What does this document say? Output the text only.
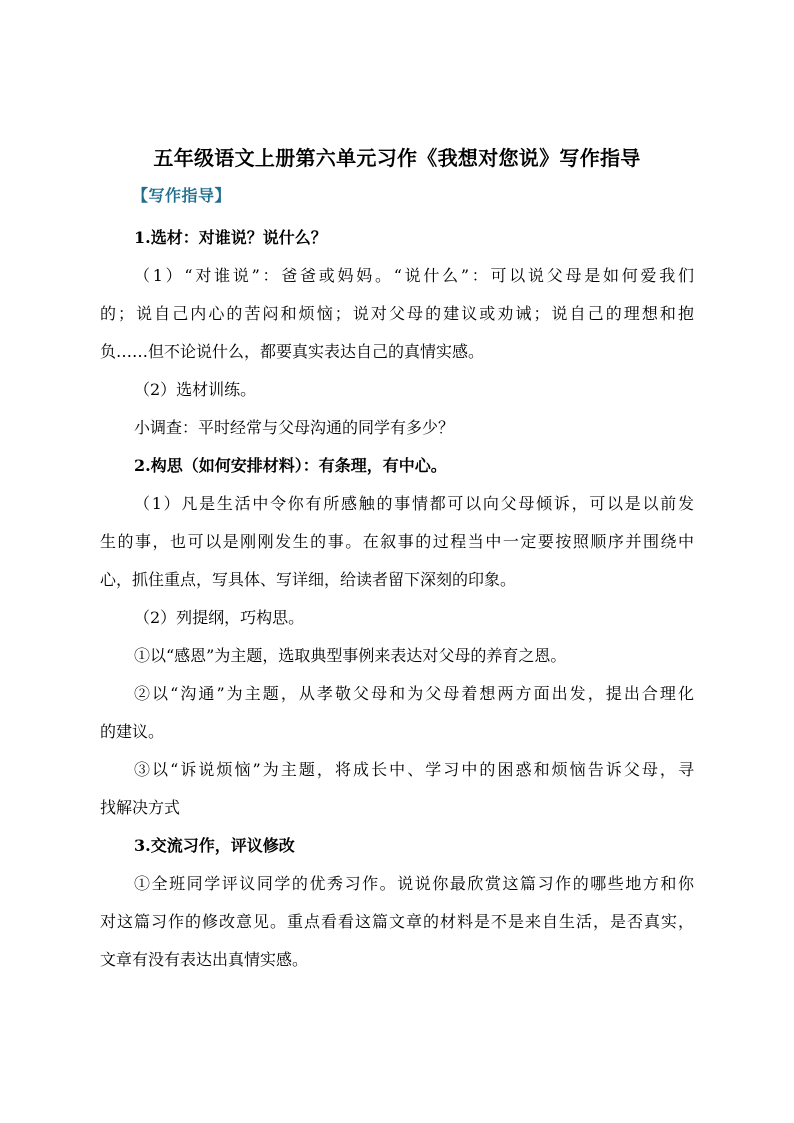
五年级语文上册第六单元习作《我想对您说》写作指导
【写作指导】
1.选材：对谁说？说什么？
（1）“对谁说”：爸爸或妈妈。“说什么”：可以说父母是如何爱我们
的；说自己内心的苦闷和烦恼；说对父母的建议或劝诫；说自己的理想和抱
负……但不论说什么，都要真实表达自己的真情实感。
（2）选材训练。
小调查：平时经常与父母沟通的同学有多少？
2.构思（如何安排材料）：有条理，有中心。
（1）凡是生活中令你有所感触的事情都可以向父母倾诉，可以是以前发
生的事，也可以是刚刚发生的事。在叙事的过程当中一定要按照顺序并围绕中
心，抓住重点，写具体、写详细，给读者留下深刻的印象。
（2）列提纲，巧构思。
①以“感恩”为主题，选取典型事例来表达对父母的养育之恩。
②以“沟通”为主题，从孝敬父母和为父母着想两方面出发，提出合理化
的建议。
③以“诉说烦恼”为主题，将成长中、学习中的困惑和烦恼告诉父母，寻
找解决方式
3.交流习作，评议修改
①全班同学评议同学的优秀习作。说说你最欣赏这篇习作的哪些地方和你
对这篇习作的修改意见。重点看看这篇文章的材料是不是来自生活，是否真实，
文章有没有表达出真情实感。
